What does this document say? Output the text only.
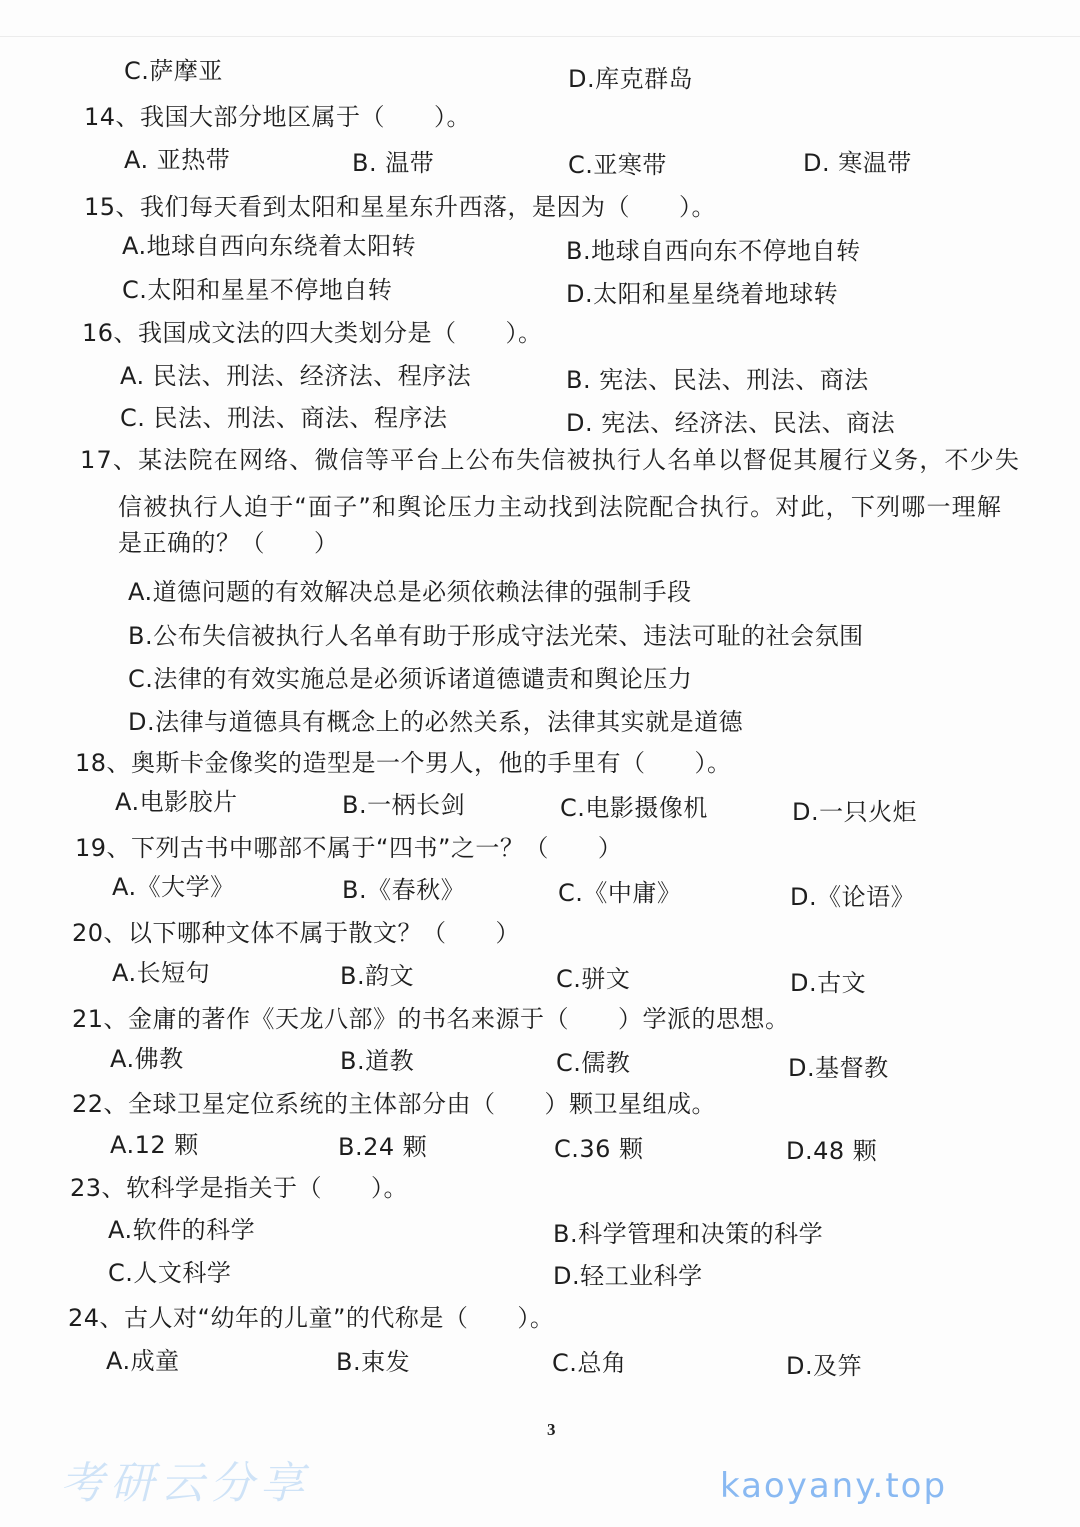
C.萨摩亚	D.库克群岛
14、我国大部分地区属于（　　）。
A. 亚热带	B. 温带	C.亚寒带	D. 寒温带
15、我们每天看到太阳和星星东升西落，是因为（　　）。
A.地球自西向东绕着太阳转	B.地球自西向东不停地自转
C.太阳和星星不停地自转	D.太阳和星星绕着地球转
16、我国成文法的四大类划分是（　　）。
A. 民法、刑法、经济法、程序法	B. 宪法、民法、刑法、商法
C. 民法、刑法、商法、程序法	D. 宪法、经济法、民法、商法
17、某法院在网络、微信等平台上公布失信被执行人名单以督促其履行义务，不少失
信被执行人迫于“面子”和舆论压力主动找到法院配合执行。对此，下列哪一理解
是正确的？（　　）
A.道德问题的有效解决总是必须依赖法律的强制手段
B.公布失信被执行人名单有助于形成守法光荣、违法可耻的社会氛围
C.法律的有效实施总是必须诉诸道德谴责和舆论压力
D.法律与道德具有概念上的必然关系，法律其实就是道德
18、奥斯卡金像奖的造型是一个男人，他的手里有（　　）。
A.电影胶片	B.一柄长剑	C.电影摄像机	D.一只火炬
19、下列古书中哪部不属于“四书”之一？（　　）
A.《大学》	B.《春秋》	C.《中庸》	D.《论语》
20、以下哪种文体不属于散文？（　　）
A.长短句	B.韵文	C.骈文	D.古文
21、金庸的著作《天龙八部》的书名来源于（　　）学派的思想。
A.佛教	B.道教	C.儒教	D.基督教
22、全球卫星定位系统的主体部分由（　　）颗卫星组成。
A.12 颗	B.24 颗	C.36 颗	D.48 颗
23、软科学是指关于（　　）。
A.软件的科学	B.科学管理和决策的科学
C.人文科学	D.轻工业科学
24、古人对“幼年的儿童”的代称是（　　）。
A.成童	B.束发	C.总角	D.及笄
3
考研云分享	kaoyany.top
